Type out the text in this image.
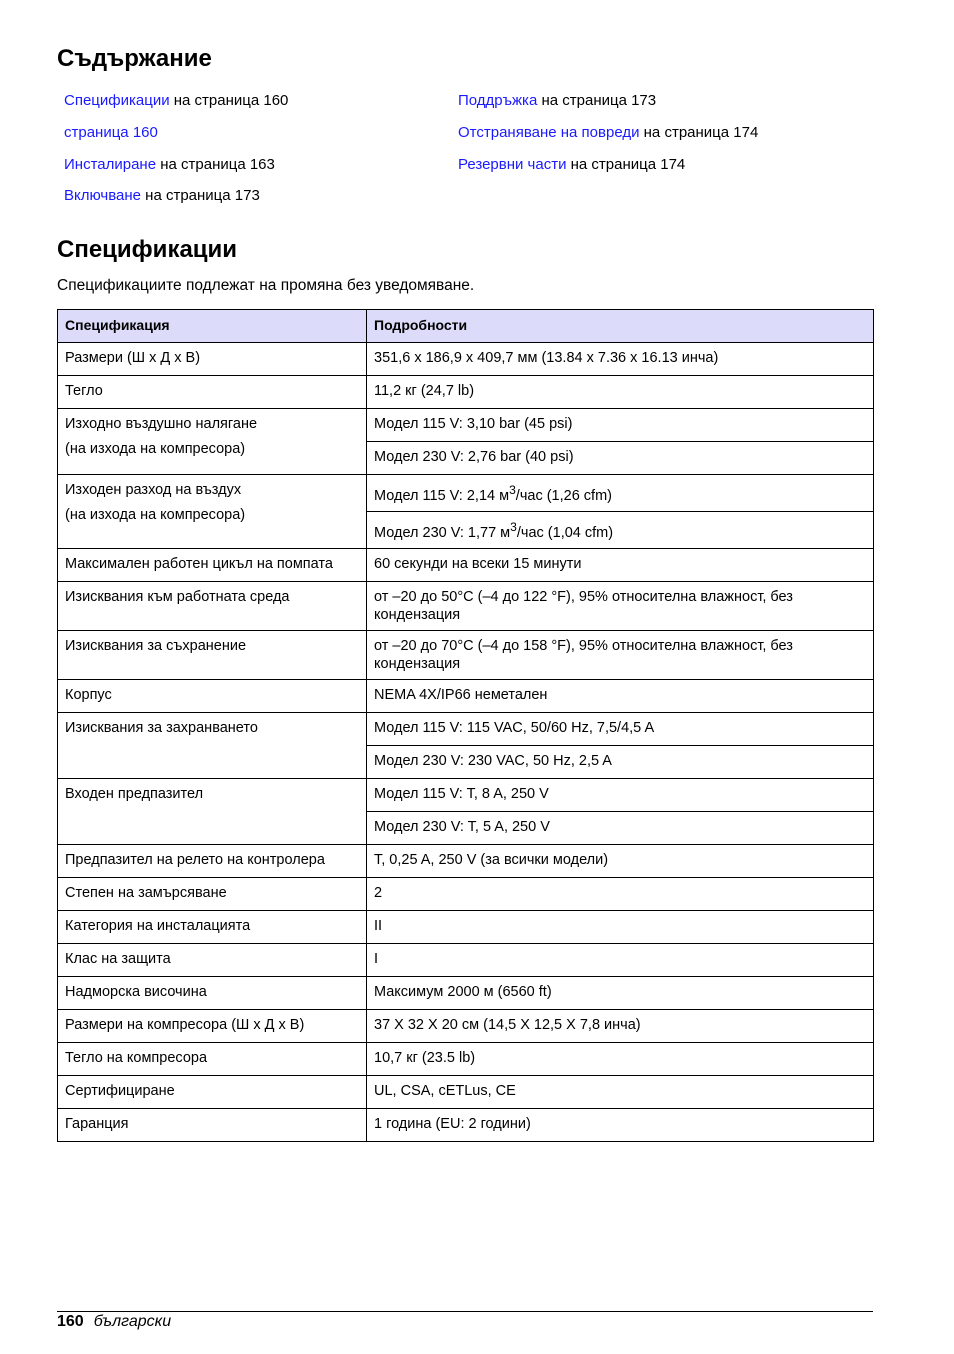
Съдържание
Спецификации на страница 160
страница 160
Инсталиране на страница 163
Включване на страница 173
Поддръжка на страница 173
Отстраняване на повреди на страница 174
Резервни части на страница 174
Спецификации

Спецификациите подлежат на промяна без уведомяване.

Спецификация	Подробности
Размери (Ш x Д x В)	351,6 x 186,9 x 409,7 мм (13.84 x 7.36 x 16.13 инча)
Тегло	11,2 кг (24,7 lb)
Изходно въздушно налягане
(на изхода на компресора)	Модел 115 V: 3,10 bar (45 psi)
	Модел 230 V: 2,76 bar (40 psi)
Изходен разход на въздух
(на изхода на компресора)	Модел 115 V: 2,14 $м^3$/час (1,26 cfm)
	Модел 230 V: 1,77 $м^3$/час (1,04 cfm)
Максимален работен цикъл на помпата	60 секунди на всеки 15 минути
Изисквания към работната среда	от –20 до 50°C (–4 до 122 °F), 95% относителна влажност, без кондензация
Изисквания за съхранение	от –20 до 70°C (–4 до 158 °F), 95% относителна влажност, без кондензация
Корпус	NEMA 4X/IP66 неметален
Изисквания за захранването	Модел 115 V: 115 VAC, 50/60 Hz, 7,5/4,5 A
	Модел 230 V: 230 VAC, 50 Hz, 2,5 A
Входен предпазител	Модел 115 V: T, 8 A, 250 V
	Модел 230 V: T, 5 A, 250 V
Предпазител на релето на контролера	T, 0,25 A, 250 V (за всички модели)
Степен на замърсяване	2
Категория на инсталацията	II
Клас на защита	I
Надморска височина	Максимум 2000 м (6560 ft)
Размери на компресора (Ш x Д x В)	37 X 32 X 20 см (14,5 X 12,5 X 7,8 инча)
Тегло на компресора	10,7 кг (23.5 lb)
Сертифициране	UL, CSA, cETLus, CE
Гаранция	1 година (EU: 2 години)
160 български
